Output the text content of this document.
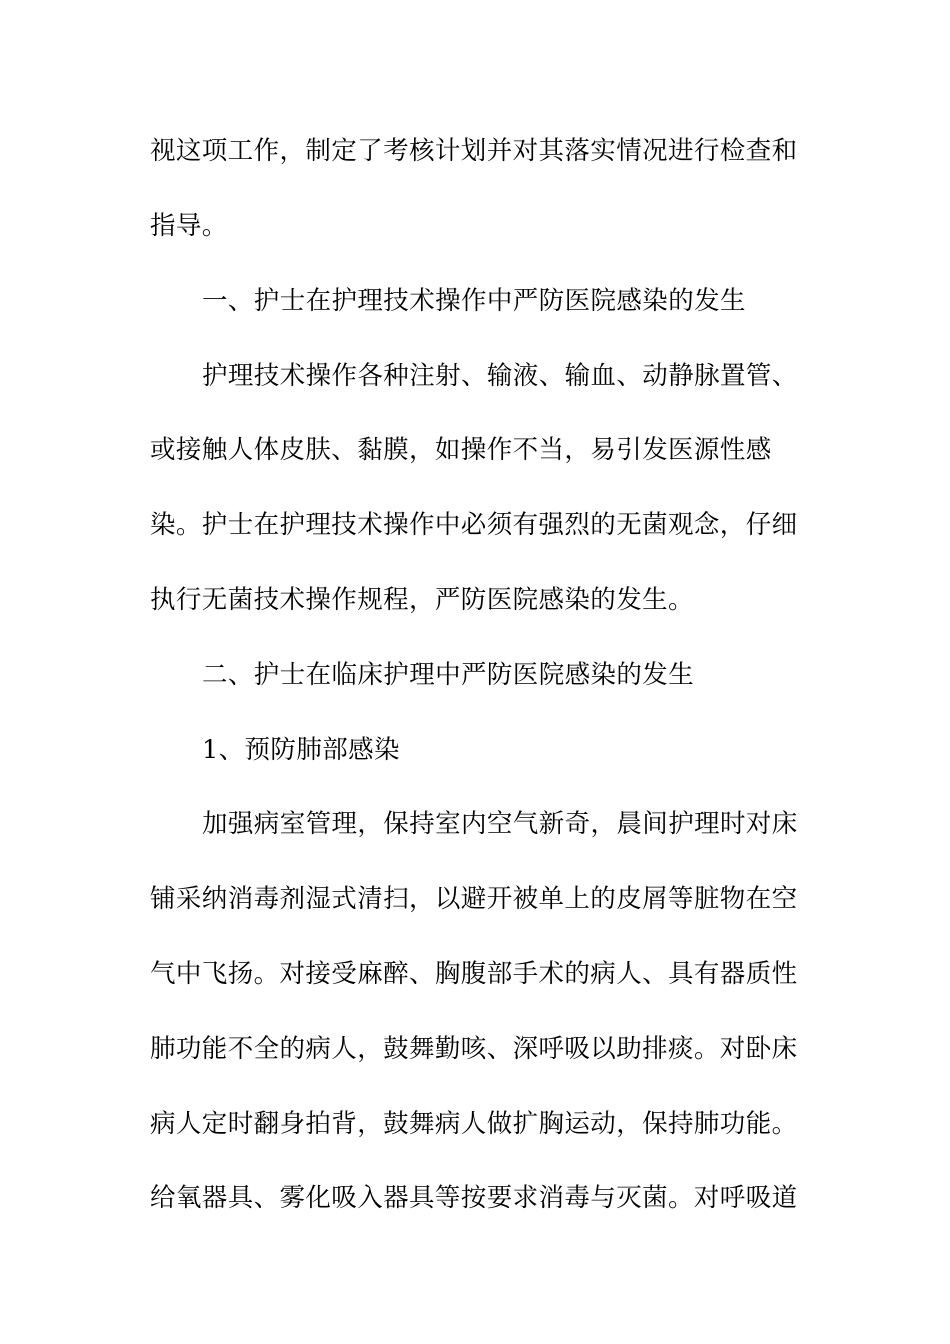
视这项工作，制定了考核计划并对其落实情况进行检查和
指导。
一、护士在护理技术操作中严防医院感染的发生
护理技术操作各种注射、输液、输血、动静脉置管、
或接触人体皮肤、黏膜，如操作不当，易引发医源性感
染。护士在护理技术操作中必须有强烈的无菌观念，仔细
执行无菌技术操作规程，严防医院感染的发生。
二、护士在临床护理中严防医院感染的发生
1、预防肺部感染
加强病室管理，保持室内空气新奇，晨间护理时对床
铺采纳消毒剂湿式清扫，以避开被单上的皮屑等脏物在空
气中飞扬。对接受麻醉、胸腹部手术的病人、具有器质性
肺功能不全的病人，鼓舞勤咳、深呼吸以助排痰。对卧床
病人定时翻身拍背，鼓舞病人做扩胸运动，保持肺功能。
给氧器具、雾化吸入器具等按要求消毒与灭菌。对呼吸道
